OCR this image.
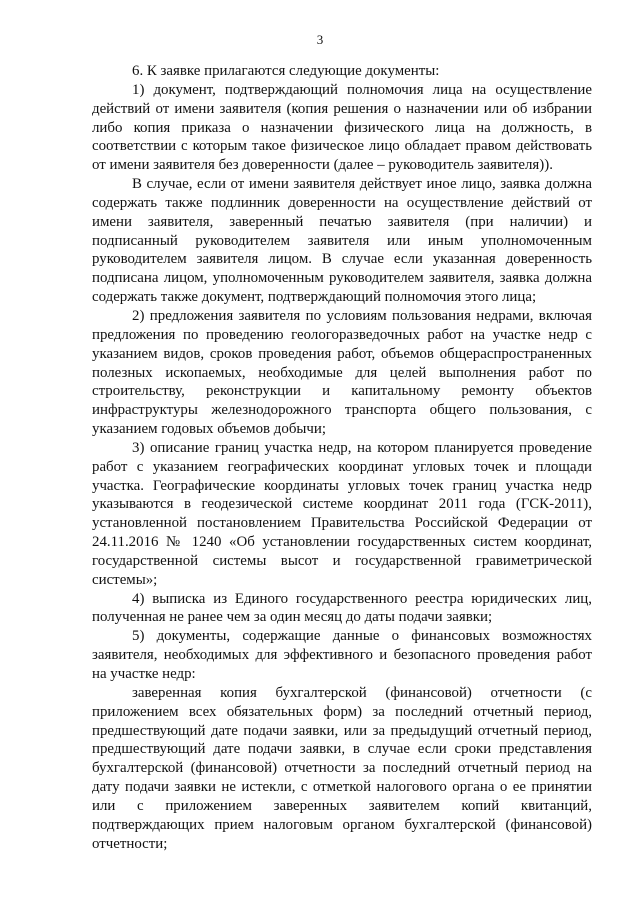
3

6. К заявке прилагаются следующие документы:

1) документ, подтверждающий полномочия лица на осуществление действий от имени заявителя (копия решения о назначении или об избрании либо копия приказа о назначении физического лица на должность, в соответствии с которым такое физическое лицо обладает правом действовать от имени заявителя без доверенности (далее – руководитель заявителя)).

В случае, если от имени заявителя действует иное лицо, заявка должна содержать также подлинник доверенности на осуществление действий от имени заявителя, заверенный печатью заявителя (при наличии) и подписанный руководителем заявителя или иным уполномоченным руководителем заявителя лицом. В случае если указанная доверенность подписана лицом, уполномоченным руководителем заявителя, заявка должна содержать также документ, подтверждающий полномочия этого лица;

2) предложения заявителя по условиям пользования недрами, включая предложения по проведению геологоразведочных работ на участке недр с указанием видов, сроков проведения работ, объемов общераспространенных полезных ископаемых, необходимые для целей выполнения работ по строительству, реконструкции и капитальному ремонту объектов инфраструктуры железнодорожного транспорта общего пользования, с указанием годовых объемов добычи;

3) описание границ участка недр, на котором планируется проведение работ с указанием географических координат угловых точек и площади участка. Географические координаты угловых точек границ участка недр указываются в геодезической системе координат 2011 года (ГСК-2011), установленной постановлением Правительства Российской Федерации от 24.11.2016 № 1240 «Об установлении государственных систем координат, государственной системы высот и государственной гравиметрической системы»;

4) выписка из Единого государственного реестра юридических лиц, полученная не ранее чем за один месяц до даты подачи заявки;

5) документы, содержащие данные о финансовых возможностях заявителя, необходимых для эффективного и безопасного проведения работ на участке недр:

заверенная копия бухгалтерской (финансовой) отчетности (с приложением всех обязательных форм) за последний отчетный период, предшествующий дате подачи заявки, или за предыдущий отчетный период, предшествующий дате подачи заявки, в случае если сроки представления бухгалтерской (финансовой) отчетности за последний отчетный период на дату подачи заявки не истекли, с отметкой налогового органа о ее принятии или с приложением заверенных заявителем копий квитанций, подтверждающих прием налоговым органом бухгалтерской (финансовой) отчетности;
